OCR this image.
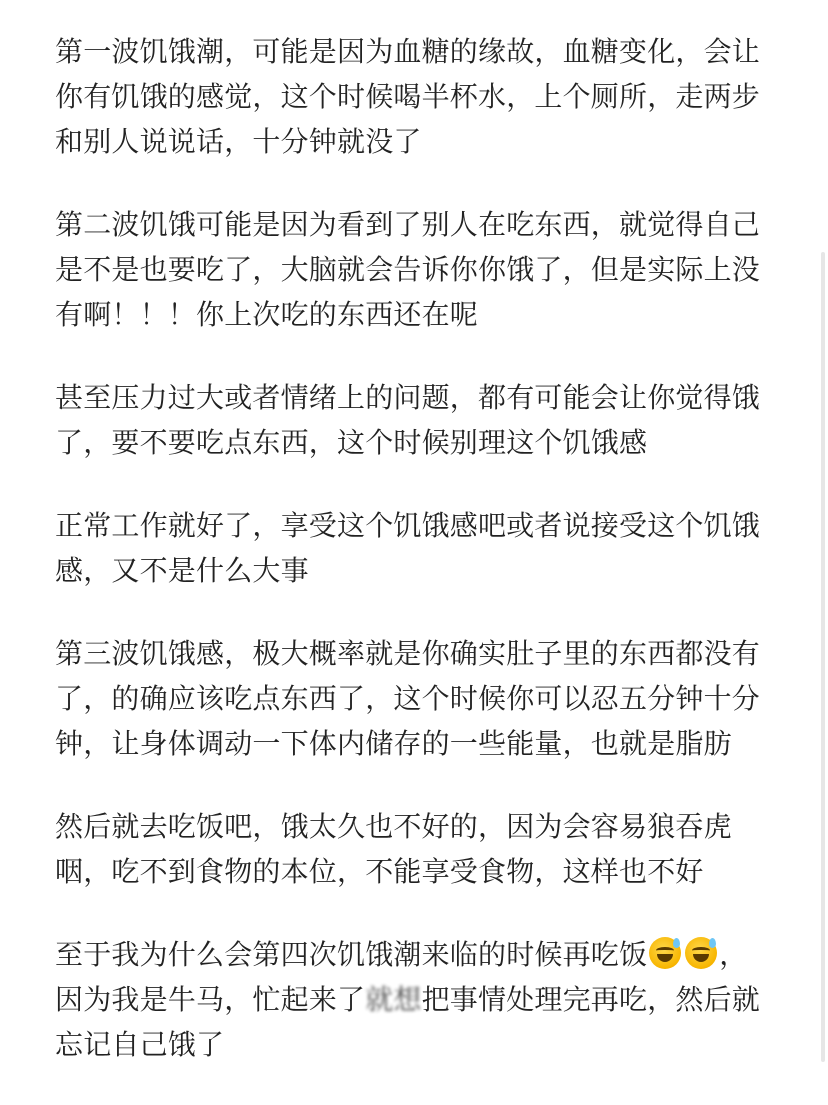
第一波饥饿潮，可能是因为血糖的缘故，血糖变化，会让你有饥饿的感觉，这个时候喝半杯水，上个厕所，走两步和别人说说话，十分钟就没了

第二波饥饿可能是因为看到了别人在吃东西，就觉得自己是不是也要吃了，大脑就会告诉你你饿了，但是实际上没有啊！！！你上次吃的东西还在呢

甚至压力过大或者情绪上的问题，都有可能会让你觉得饿了，要不要吃点东西，这个时候别理这个饥饿感

正常工作就好了，享受这个饥饿感吧或者说接受这个饥饿感，又不是什么大事

第三波饥饿感，极大概率就是你确实肚子里的东西都没有了，的确应该吃点东西了，这个时候你可以忍五分钟十分钟，让身体调动一下体内储存的一些能量，也就是脂肪

然后就去吃饭吧，饿太久也不好的，因为会容易狼吞虎咽，吃不到食物的本位，不能享受食物，这样也不好

至于我为什么会第四次饥饿潮来临的时候再吃饭	，因为我是牛马，忙起来了就想把事情处理完再吃，然后就忘记自己饿了
